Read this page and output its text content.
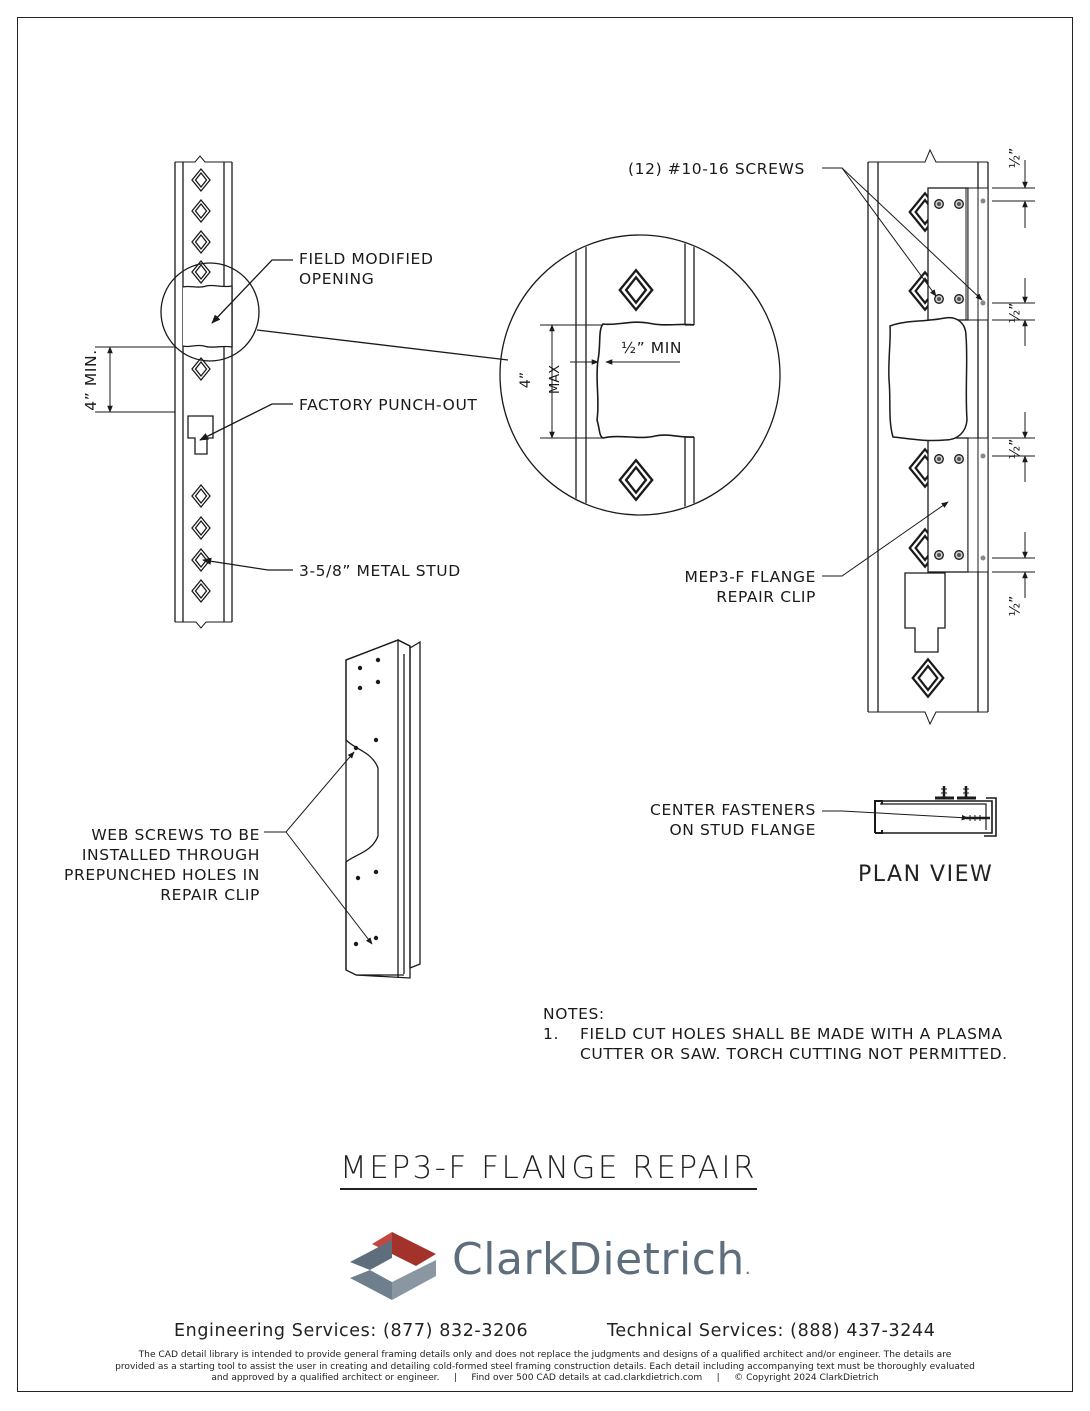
FIELD MODIFIED
OPENING
FACTORY PUNCH-OUT
3-5/8” METAL STUD
4” MIN.	4” MAX
½” MIN
(12) #10-16 SCREWS
½”
½”
½”
½”
MEP3-F FLANGE
REPAIR CLIP
CENTER FASTENERS
ON STUD FLANGE
PLAN VIEW
WEB SCREWS TO BE
INSTALLED THROUGH
PREPUNCHED HOLES IN
REPAIR CLIP
NOTES:
1. FIELD CUT HOLES SHALL BE MADE WITH A PLASMA
CUTTER OR SAW. TORCH CUTTING NOT PERMITTED.
MEP3-F FLANGE REPAIR
ClarkDietrich.
Engineering Services: (877) 832-3206	Technical Services: (888) 437-3244
The CAD detail library is intended to provide general framing details only and does not replace the judgments and designs of a qualified architect and/or engineer. The details are
provided as a starting tool to assist the user in creating and detailing cold-formed steel framing construction details. Each detail including accompanying text must be thoroughly evaluated
and approved by a qualified architect or engineer.     |     Find over 500 CAD details at cad.clarkdietrich.com     |     © Copyright 2024 ClarkDietrich
